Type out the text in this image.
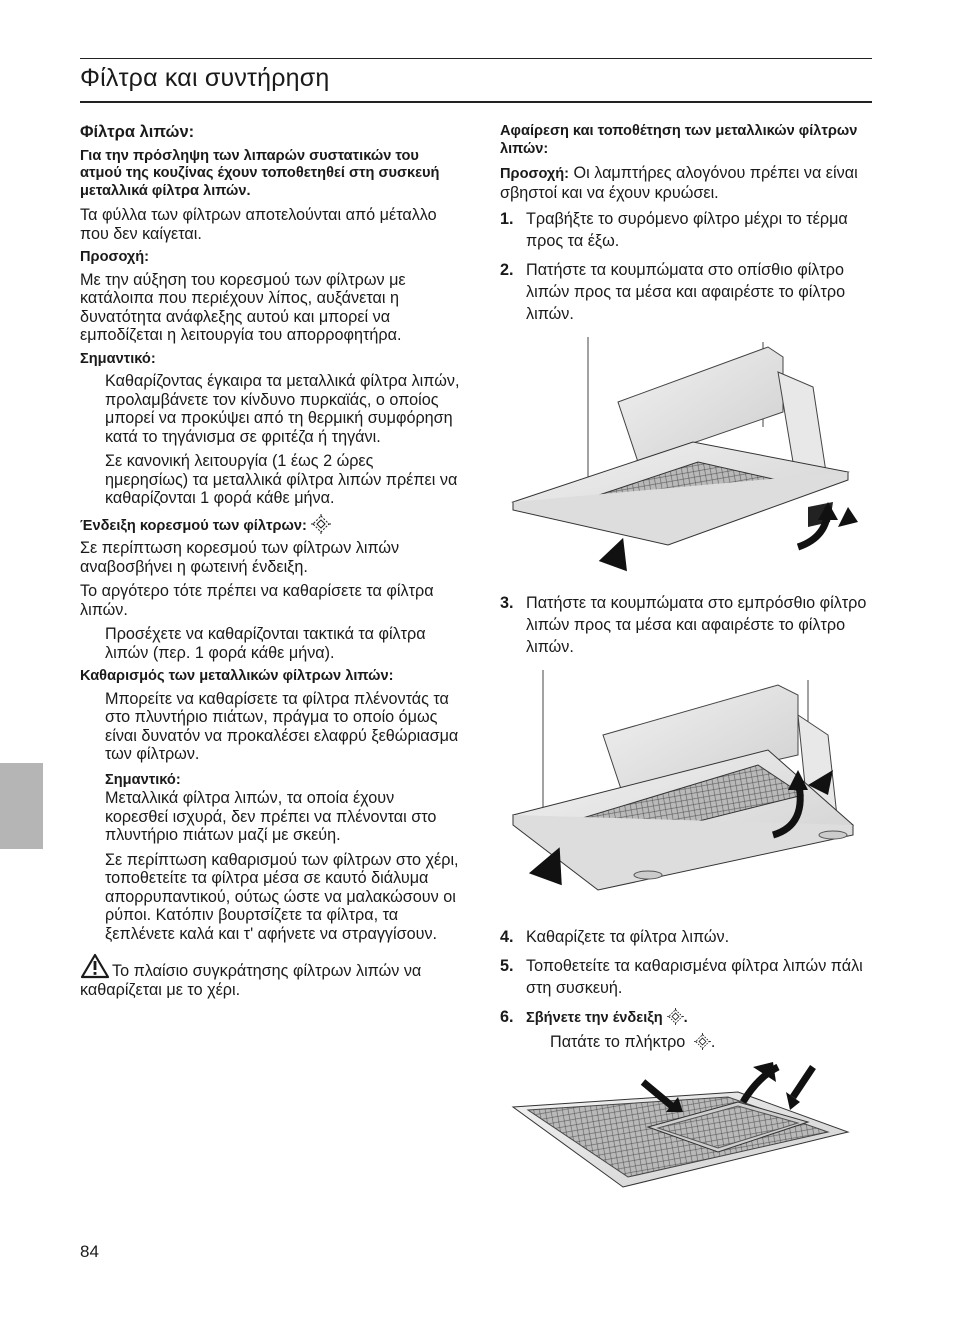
Φίλτρα και συντήρηση

Φίλτρα λιπών:

Για την πρόσληψη των λιπαρών συστατικών του ατμού της κουζίνας έχουν τοποθετηθεί στη συσκευή μεταλλικά φίλτρα λιπών.

Τα φύλλα των φίλτρων αποτελούνται από μέταλλο που δεν καίγεται.

Προσοχή:

Με την αύξηση του κορεσμού των φίλτρων με κατάλοιπα που περιέχουν λίπος, αυξάνεται η δυνατότητα ανάφλεξης αυτού και μπορεί να εμποδίζεται η λειτουργία του απορροφητήρα.

Σημαντικό:

Καθαρίζοντας έγκαιρα τα μεταλλικά φίλτρα λιπών, προλαμβάνετε τον κίνδυνο πυρκαϊάς, ο οποίος μπορεί να προκύψει από τη θερμική συμφόρηση κατά το τηγάνισμα σε φριτέζα ή τηγάνι.

Σε κανονική λειτουργία (1 έως 2 ώρες ημερησίως) τα μεταλλικά φίλτρα λιπών πρέπει να καθαρίζονται 1 φορά κάθε μήνα.

Ένδειξη κορεσμού των φίλτρων:

Σε περίπτωση κορεσμού των φίλτρων λιπών αναβοσβήνει η φωτεινή ένδειξη.

Το αργότερο τότε πρέπει να καθαρίσετε τα φίλτρα λιπών.

Προσέχετε να καθαρίζονται τακτικά τα φίλτρα λιπών (περ. 1 φορά κάθε μήνα).

Καθαρισμός των μεταλλικών φίλτρων λιπών:

Μπορείτε να καθαρίσετε τα φίλτρα πλένοντάς τα στο πλυντήριο πιάτων, πράγμα το οποίο όμως είναι δυνατόν να προκαλέσει ελαφρύ ξεθώριασμα των φίλτρων.

Σημαντικό:

Μεταλλικά φίλτρα λιπών, τα οποία έχουν κορεσθεί ισχυρά, δεν πρέπει να πλένονται στο πλυντήριο πιάτων μαζί με σκεύη.

Σε περίπτωση καθαρισμού των φίλτρων στο χέρι, τοποθετείτε τα φίλτρα μέσα σε καυτό διάλυμα απορρυπαντικού, ούτως ώστε να μαλακώσουν οι ρύποι. Κατόπιν βουρτσίζετε τα φίλτρα, τα ξεπλένετε καλά και τ' αφήνετε να στραγγίσουν.

Το πλαίσιο συγκράτησης φίλτρων λιπών να καθαρίζεται με το χέρι.

Αφαίρεση και τοποθέτηση των μεταλλικών φίλτρων λιπών:

Προσοχή: Οι λαμπτήρες αλογόνου πρέπει να είναι σβηστοί και να έχουν κρυώσει.

1. Τραβήξτε το συρόμενο φίλτρο μέχρι το τέρμα προς τα έξω.
2. Πατήστε τα κουμπώματα στο οπίσθιο φίλτρο λιπών προς τα μέσα και αφαιρέστε το φίλτρο λιπών.
3. Πατήστε τα κουμπώματα στο εμπρόσθιο φίλτρο λιπών προς τα μέσα και αφαιρέστε το φίλτρο λιπών.
4. Καθαρίζετε τα φίλτρα λιπών.
5. Τοποθετείτε τα καθαρισμένα φίλτρα λιπών πάλι στη συσκευή.
6. Σβήνετε την ένδειξη .

Πατάτε το πλήκτρο .

84
